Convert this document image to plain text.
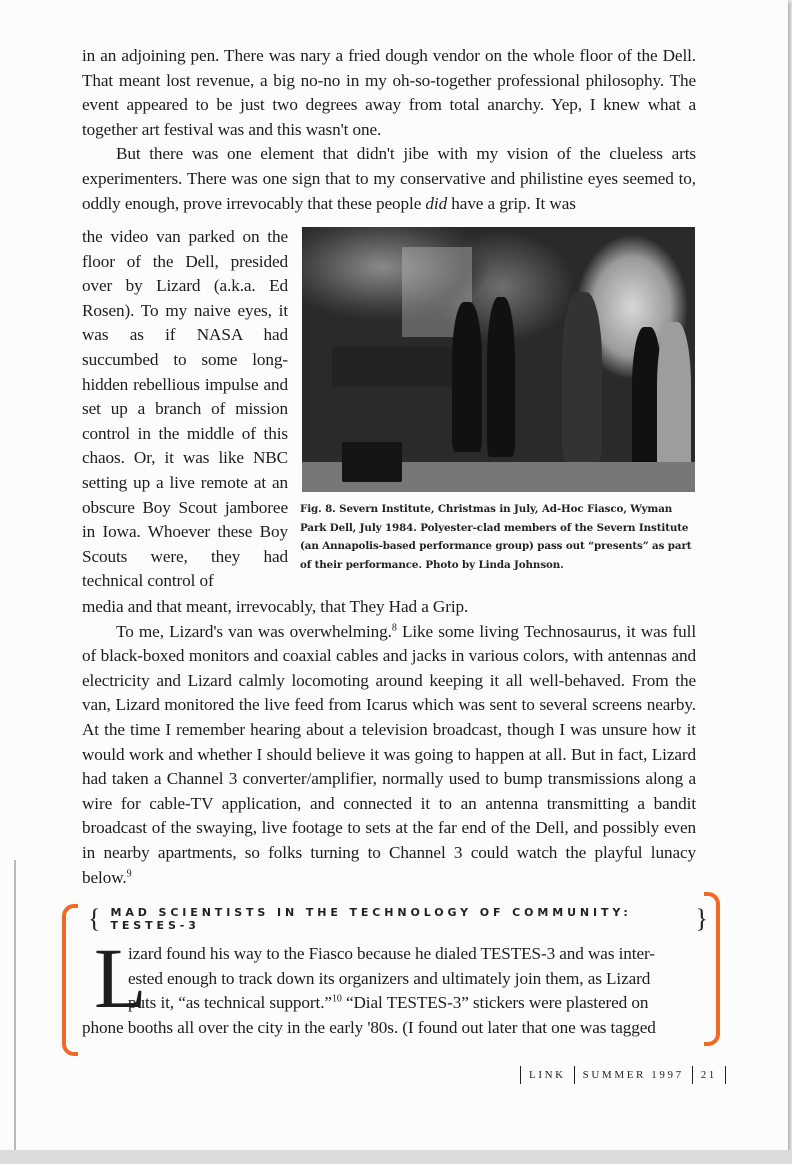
in an adjoining pen. There was nary a fried dough vendor on the whole floor of the Dell. That meant lost revenue, a big no-no in my oh-so-together professional philosophy. The event appeared to be just two degrees away from total anarchy. Yep, I knew what a together art festival was and this wasn't one.
But there was one element that didn't jibe with my vision of the clueless arts experimenters. There was one sign that to my conservative and philistine eyes seemed to, oddly enough, prove irrevocably that these people did have a grip. It was
the video van parked on the floor of the Dell, presided over by Lizard (a.k.a. Ed Rosen). To my naive eyes, it was as if NASA had succumbed to some long-hidden rebellious impulse and set up a branch of mission control in the middle of this chaos. Or, it was like NBC setting up a live remote at an obscure Boy Scout jamboree in Iowa. Whoever these Boy Scouts were, they had technical control of
Fig. 8. Severn Institute, Christmas in July, Ad-Hoc Fiasco, Wyman Park Dell, July 1984. Polyester-clad members of the Severn Institute (an Annapolis-based performance group) pass out “presents” as part of their performance. Photo by Linda Johnson.
media and that meant, irrevocably, that They Had a Grip.
To me, Lizard's van was overwhelming.$^8$ Like some living Technosaurus, it was full of black-boxed monitors and coaxial cables and jacks in various colors, with antennas and electricity and Lizard calmly locomoting around keeping it all well-behaved. From the van, Lizard monitored the live feed from Icarus which was sent to several screens nearby. At the time I remember hearing about a television broadcast, though I was unsure how it would work and whether I should believe it was going to happen at all. But in fact, Lizard had taken a Channel 3 converter/amplifier, normally used to bump transmissions along a wire for cable-TV application, and connected it to an antenna transmitting a bandit broadcast of the swaying, live footage to sets at the far end of the Dell, and possibly even in nearby apartments, so folks turning to Channel 3 could watch the playful lunacy below.$^9$
{ MAD SCIENTISTS IN THE TECHNOLOGY OF COMMUNITY: TESTES-3	}
L
izard found his way to the Fiasco because he dialed TESTES-3 and was inter-
ested enough to track down its organizers and ultimately join them, as Lizard
puts it, “as technical support.”$^{10}$ “Dial TESTES-3” stickers were plastered on
phone booths all over the city in the early '80s. (I found out later that one was tagged
LINK SUMMER 1997 21
